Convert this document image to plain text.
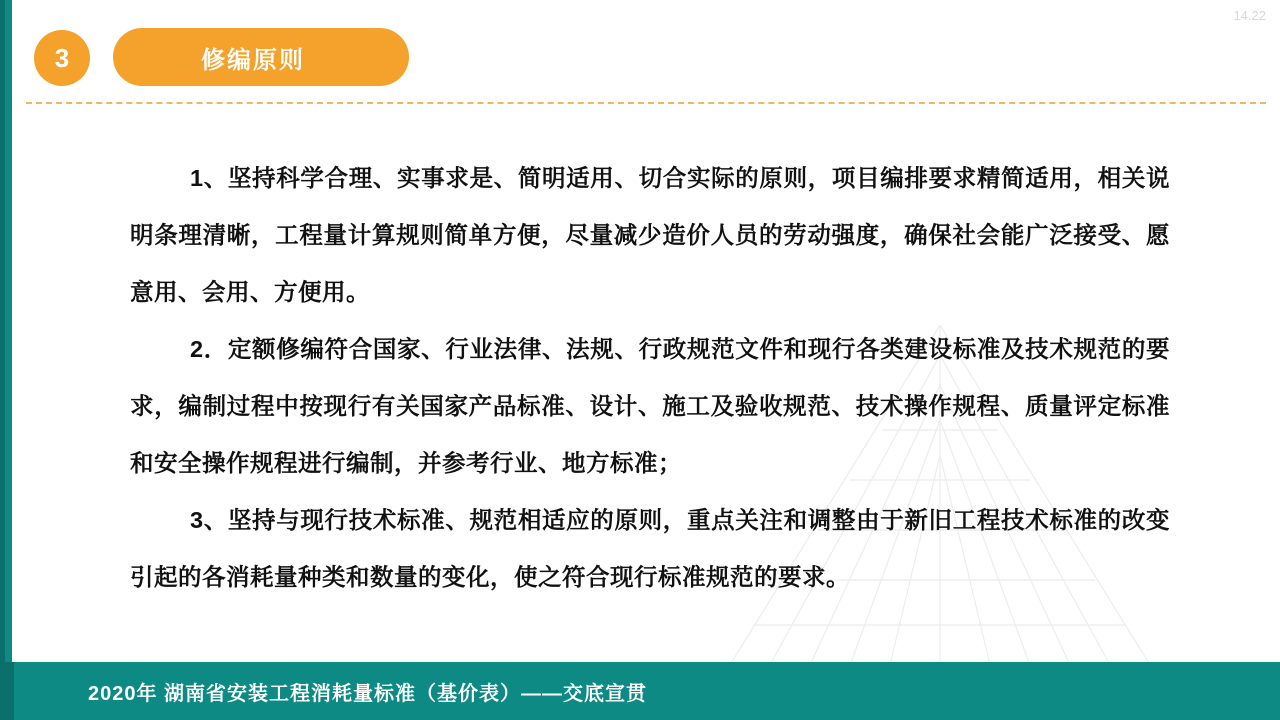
3	修编原则
14.22

1、坚持科学合理、实事求是、简明适用、切合实际的原则，项目编排要求精简适用，相关说明条理清晰，工程量计算规则简单方便，尽量减少造价人员的劳动强度，确保社会能广泛接受、愿意用、会用、方便用。

2．定额修编符合国家、行业法律、法规、行政规范文件和现行各类建设标准及技术规范的要求，编制过程中按现行有关国家产品标准、设计、施工及验收规范、技术操作规程、质量评定标准和安全操作规程进行编制，并参考行业、地方标准；

3、坚持与现行技术标准、规范相适应的原则，重点关注和调整由于新旧工程技术标准的改变引起的各消耗量种类和数量的变化，使之符合现行标准规范的要求。

2020年 湖南省安装工程消耗量标准（基价表）——交底宣贯
